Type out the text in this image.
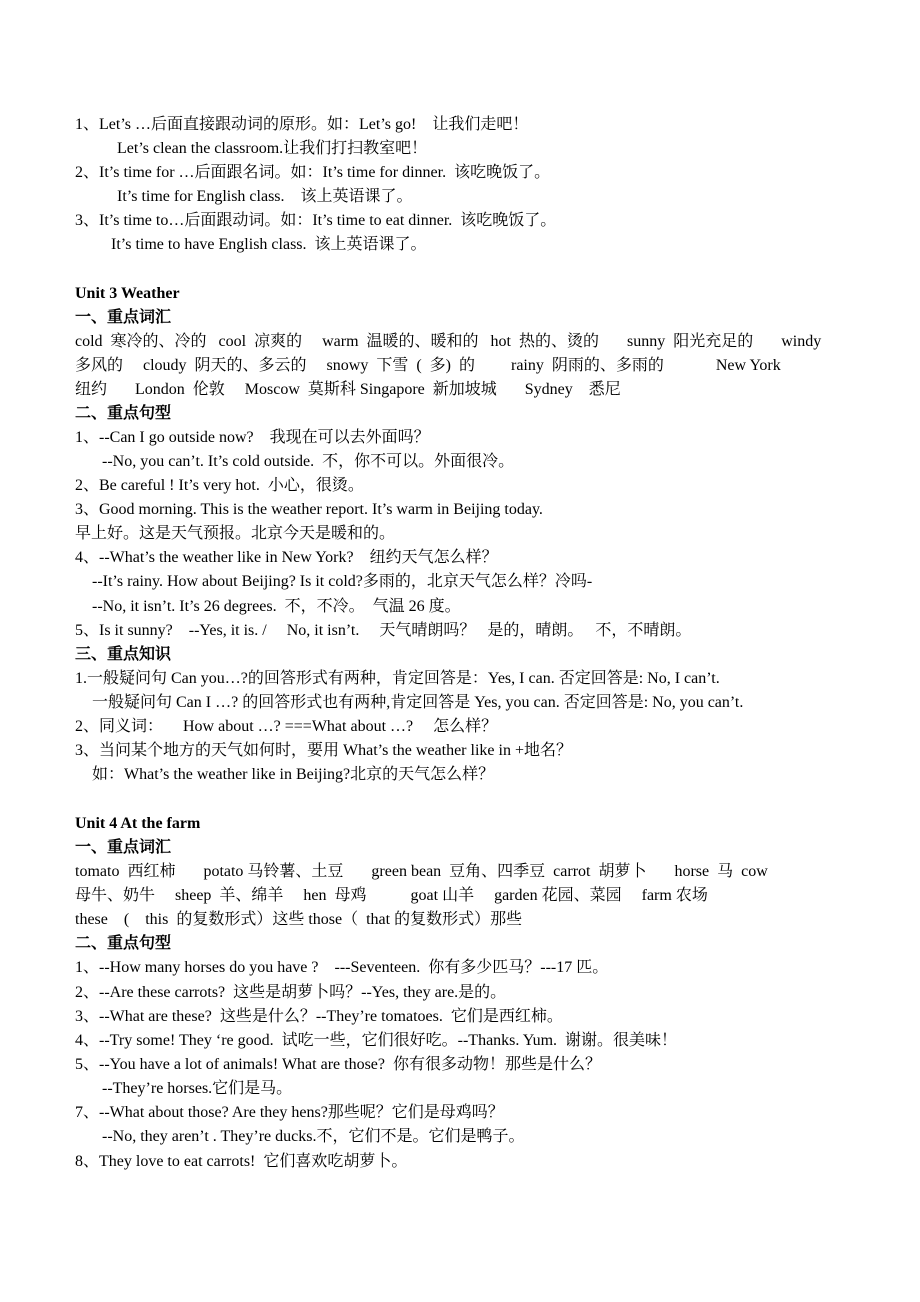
1、Let’s …后面直接跟动词的原形。如：Let’s go!    让我们走吧！
Let’s clean the classroom.让我们打扫教室吧！
2、It’s time for …后面跟名词。如：It’s time for dinner.  该吃晚饭了。
It’s time for English class.    该上英语课了。
3、It’s time to…后面跟动词。如：It’s time to eat dinner.  该吃晚饭了。
It’s time to have English class.  该上英语课了。
Unit 3 Weather
一、重点词汇
cold  寒冷的、冷的   cool  凉爽的     warm  温暖的、暖和的   hot  热的、烫的       sunny  阳光充足的       windy
多风的     cloudy  阴天的、多云的     snowy  下雪  (  多)  的         rainy  阴雨的、多雨的             New York
纽约       London  伦敦     Moscow  莫斯科 Singapore  新加坡城       Sydney    悉尼
二、重点句型
1、--Can I go outside now?    我现在可以去外面吗？
--No, you can’t. It’s cold outside.  不，你不可以。外面很冷。
2、Be careful ! It’s very hot.  小心，很烫。
3、Good morning. This is the weather report. It’s warm in Beijing today.
早上好。这是天气预报。北京今天是暖和的。
4、--What’s the weather like in New York?    纽约天气怎么样？
--It’s rainy. How about Beijing? Is it cold?多雨的，北京天气怎么样？冷吗-
--No, it isn’t. It’s 26 degrees.  不，不冷。  气温 26 度。
5、Is it sunny?    --Yes, it is. /     No, it isn’t.     天气晴朗吗？   是的，晴朗。   不，不晴朗。
三、重点知识
1.一般疑问句 Can you…?的回答形式有两种，肯定回答是：Yes, I can. 否定回答是: No, I can’t.
一般疑问句 Can I …? 的回答形式也有两种,肯定回答是 Yes, you can. 否定回答是: No, you can’t.
2、同义词：     How about …? ===What about …?     怎么样？
3、当问某个地方的天气如何时，要用 What’s the weather like in +地名？
如：What’s the weather like in Beijing?北京的天气怎么样？
Unit 4 At the farm
一、重点词汇
tomato  西红柿       potato 马铃薯、土豆       green bean  豆角、四季豆  carrot  胡萝卜       horse  马  cow
母牛、奶牛     sheep  羊、绵羊     hen  母鸡           goat 山羊     garden 花园、菜园     farm 农场
these    (    this  的复数形式）这些 those（  that 的复数形式）那些
二、重点句型
1、--How many horses do you have ?    ---Seventeen.  你有多少匹马？---17 匹。
2、--Are these carrots?  这些是胡萝卜吗？--Yes, they are.是的。
3、--What are these?  这些是什么？--They’re tomatoes.  它们是西红柿。
4、--Try some! They ‘re good.  试吃一些，它们很好吃。--Thanks. Yum.  谢谢。很美味！
5、--You have a lot of animals! What are those?  你有很多动物！那些是什么？
--They’re horses.它们是马。
7、--What about those? Are they hens?那些呢？它们是母鸡吗？
--No, they aren’t . They’re ducks.不，它们不是。它们是鸭子。
8、They love to eat carrots!  它们喜欢吃胡萝卜。
